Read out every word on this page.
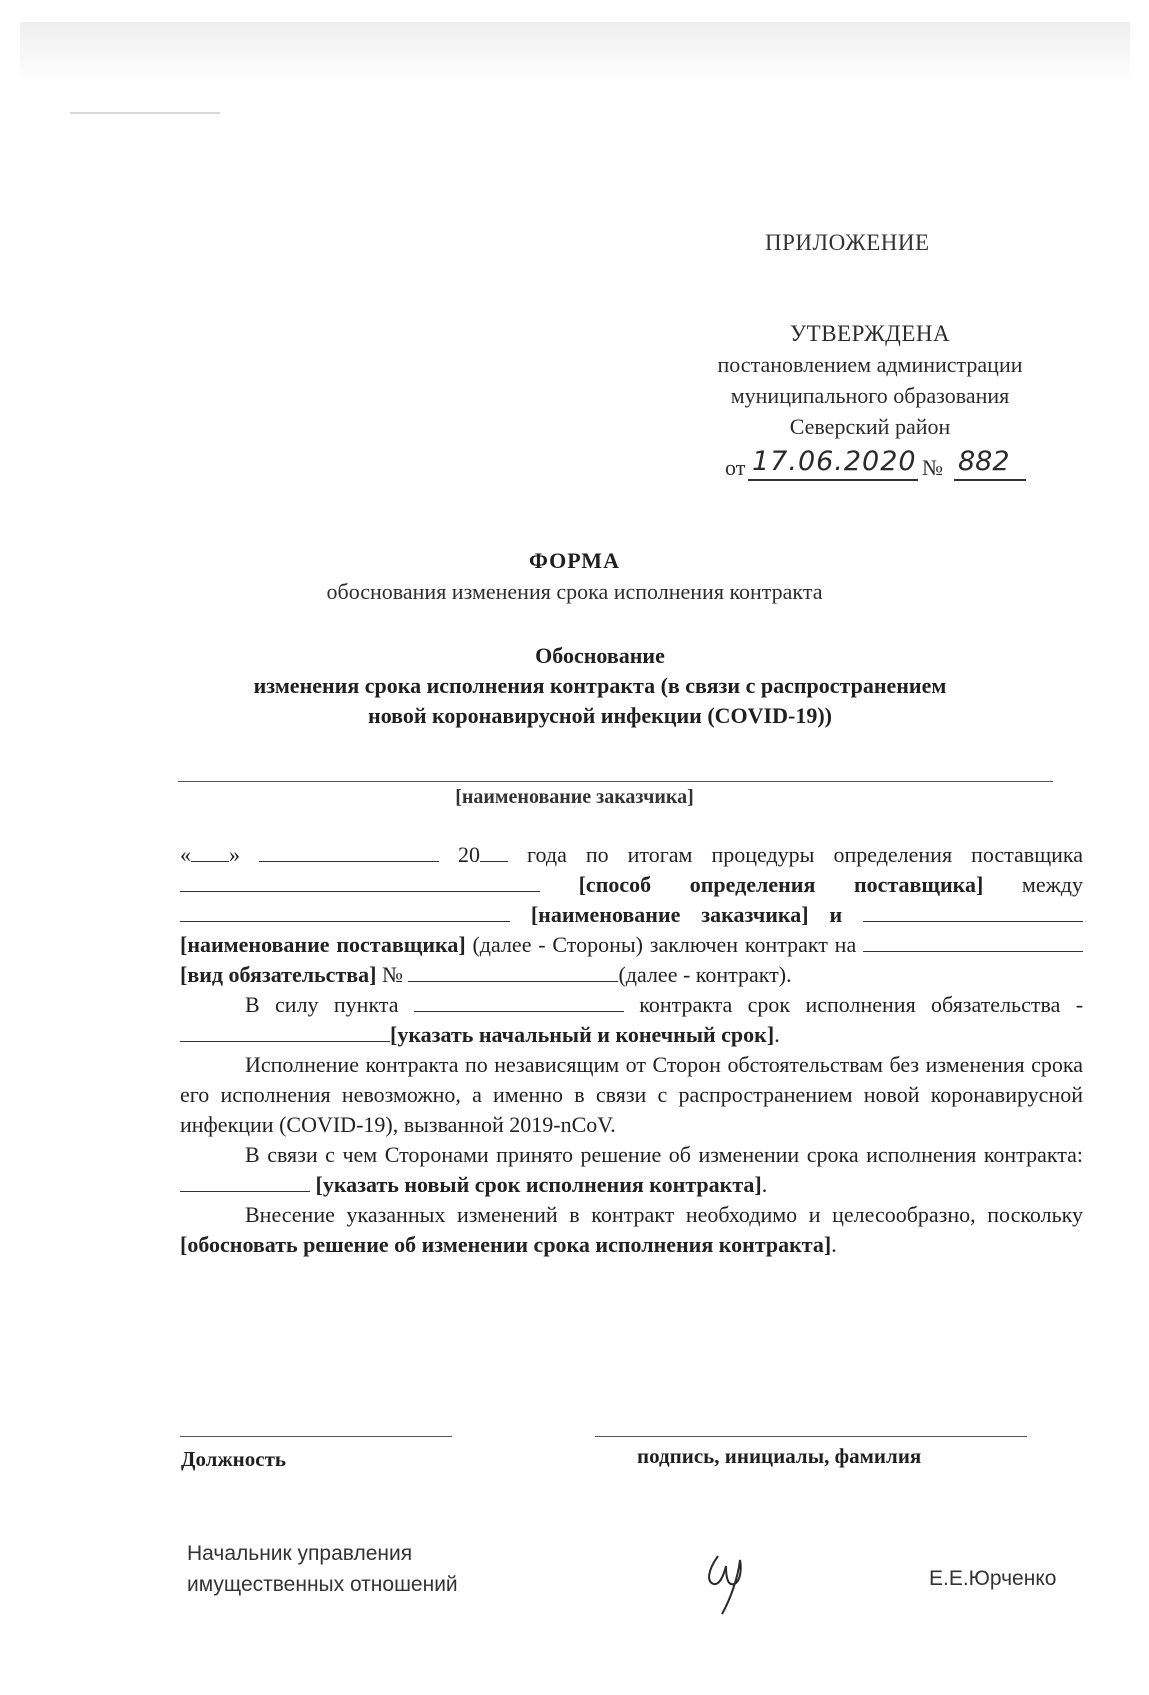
ПРИЛОЖЕНИЕ
УТВЕРЖДЕНА
постановлением администрации
муниципального образования
Северский район
от 17.06.2020 № 882
ФОРМА
обоснования изменения срока исполнения контракта
Обоснование
изменения срока исполнения контракта (в связи с распространением
новой коронавирусной инфекции (COVID-19))
[наименование заказчика]

« »	20 года по итогам процедуры определения поставщика  [способ определения поставщика] между  [наименование заказчика] и [наименование поставщика] (далее - Стороны) заключен контракт на  [вид обязательства] №	(далее - контракт).

В силу пункта	контракта срок исполнения обязательства - [указать начальный и конечный срок].

Исполнение контракта по независящим от Сторон обстоятельствам без изменения срока его исполнения невозможно, а именно в связи с распространением новой коронавирусной инфекции (COVID-19), вызванной 2019-nCoV.

В связи с чем Сторонами принято решение об изменении срока исполнения контракта:  [указать новый срок исполнения контракта].

Внесение указанных изменений в контракт необходимо и целесообразно, поскольку [обосновать решение об изменении срока исполнения контракта].

Должность	подпись, инициалы, фамилия
Начальник управления
имущественных отношений	Е.Е.Юрченко
